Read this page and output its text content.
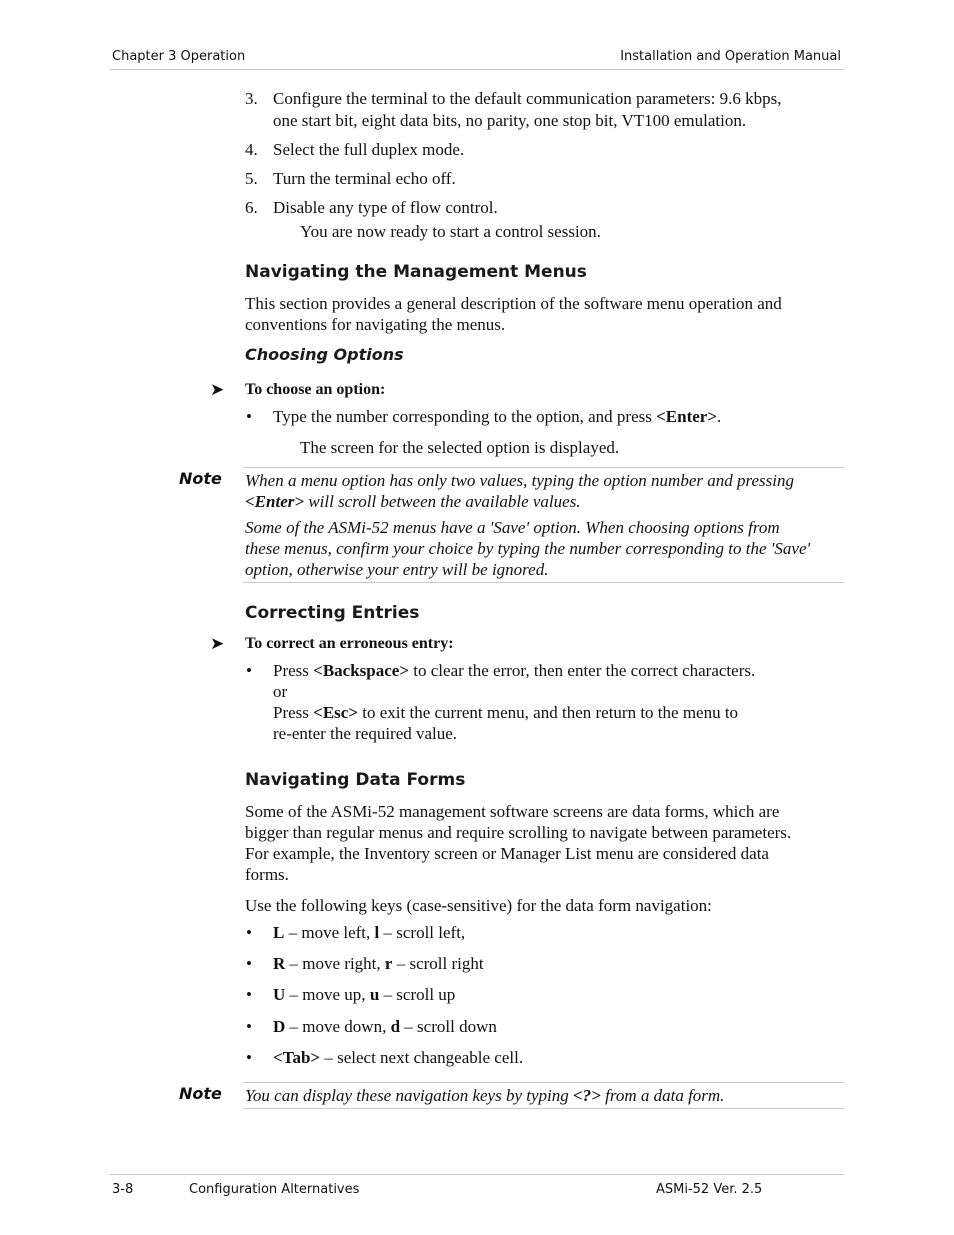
Chapter 3 Operation	Installation and Operation Manual
3. Configure the terminal to the default communication parameters: 9.6 kbps,
one start bit, eight data bits, no parity, one stop bit, VT100 emulation.
4. Select the full duplex mode.
5. Turn the terminal echo off.
6. Disable any type of flow control.
You are now ready to start a control session.
Navigating the Management Menus
This section provides a general description of the software menu operation and
conventions for navigating the menus.
Choosing Options
➤ To choose an option:
• Type the number corresponding to the option, and press <Enter>.
The screen for the selected option is displayed.
Note When a menu option has only two values, typing the option number and pressing
<Enter> will scroll between the available values.
Some of the ASMi-52 menus have a 'Save' option. When choosing options from
these menus, confirm your choice by typing the number corresponding to the 'Save'
option, otherwise your entry will be ignored.
Correcting Entries
➤ To correct an erroneous entry:
• Press <Backspace> to clear the error, then enter the correct characters.
or
Press <Esc> to exit the current menu, and then return to the menu to
re-enter the required value.
Navigating Data Forms
Some of the ASMi-52 management software screens are data forms, which are
bigger than regular menus and require scrolling to navigate between parameters.
For example, the Inventory screen or Manager List menu are considered data
forms.
Use the following keys (case-sensitive) for the data form navigation:
• L – move left, l – scroll left,
• R – move right, r – scroll right
• U – move up, u – scroll up
• D – move down, d – scroll down
• <Tab> – select next changeable cell.
Note You can display these navigation keys by typing <?> from a data form.
3-8	Configuration Alternatives	ASMi-52 Ver. 2.5
